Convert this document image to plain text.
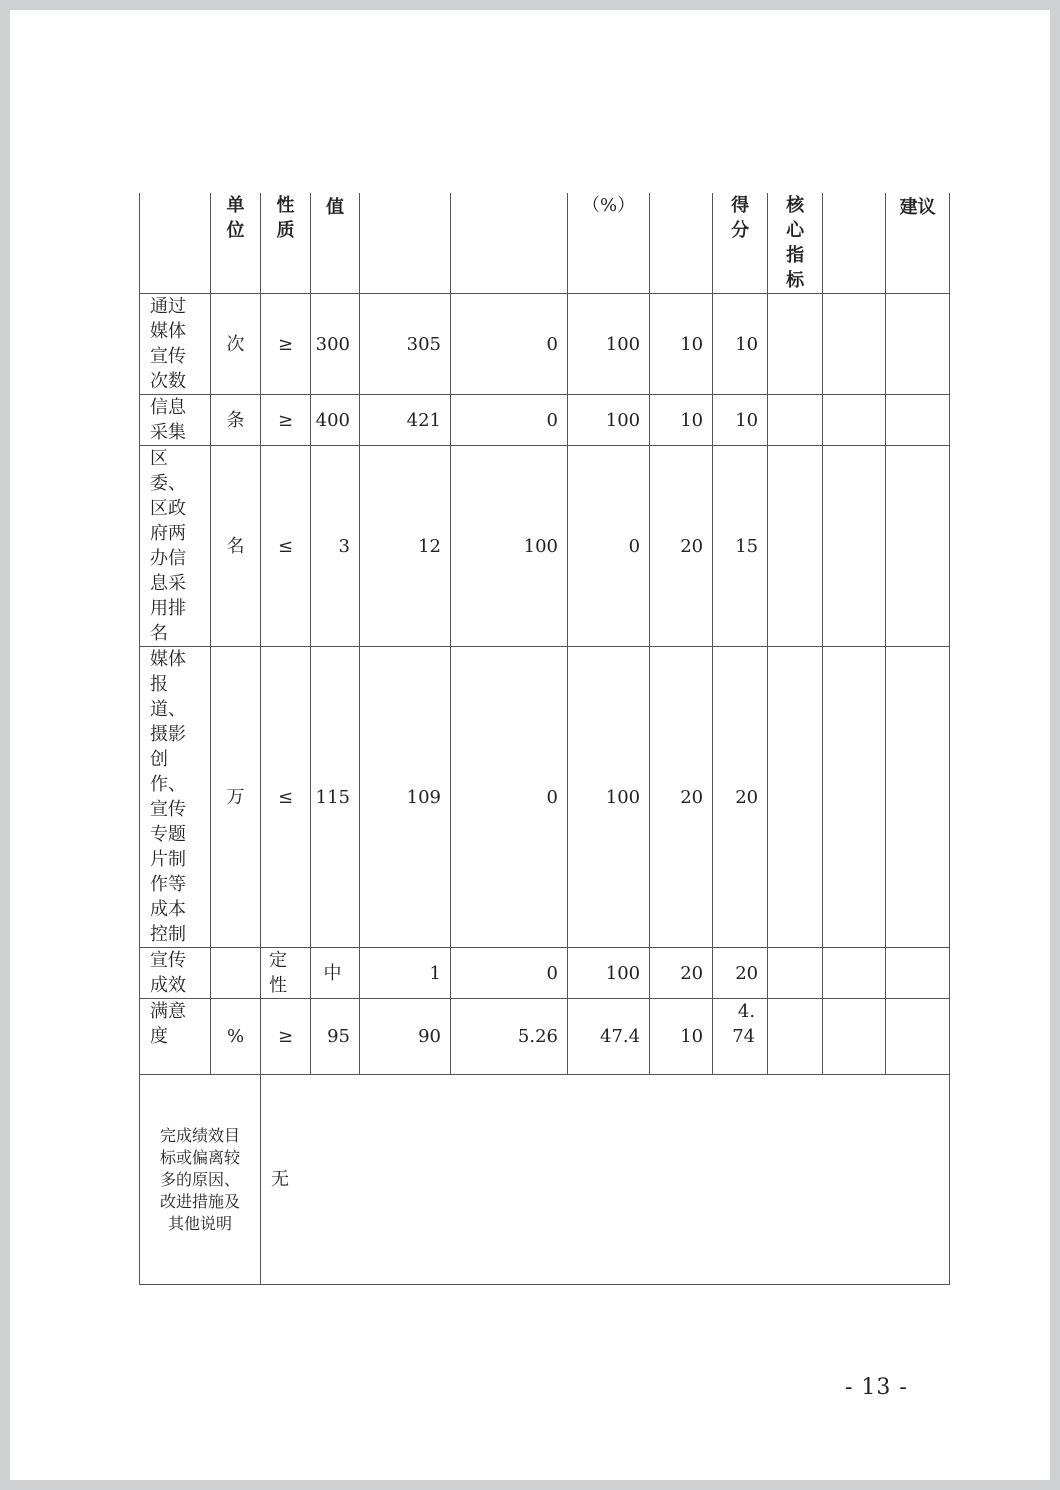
	单位	性质	值			（%）		得分	核心指标		建议
通过媒体宣传次数	次	≥	300	305	0	100	10	10			
信息采集	条	≥	400	421	0	100	10	10			
区委、区政府两办信息采用排名	名	≤	3	12	100	0	20	15			
媒体报道、摄影创作、宣传专题片制作等成本控制	万	≤	115	109	0	100	20	20			
宣传成效		定性	中	1	0	100	20	20			
满意度	%	≥	95	90	5.26	47.4	10	4.74			
完成绩效目标或偏离较多的原因、改进措施及其他说明		无									
- 13 -
